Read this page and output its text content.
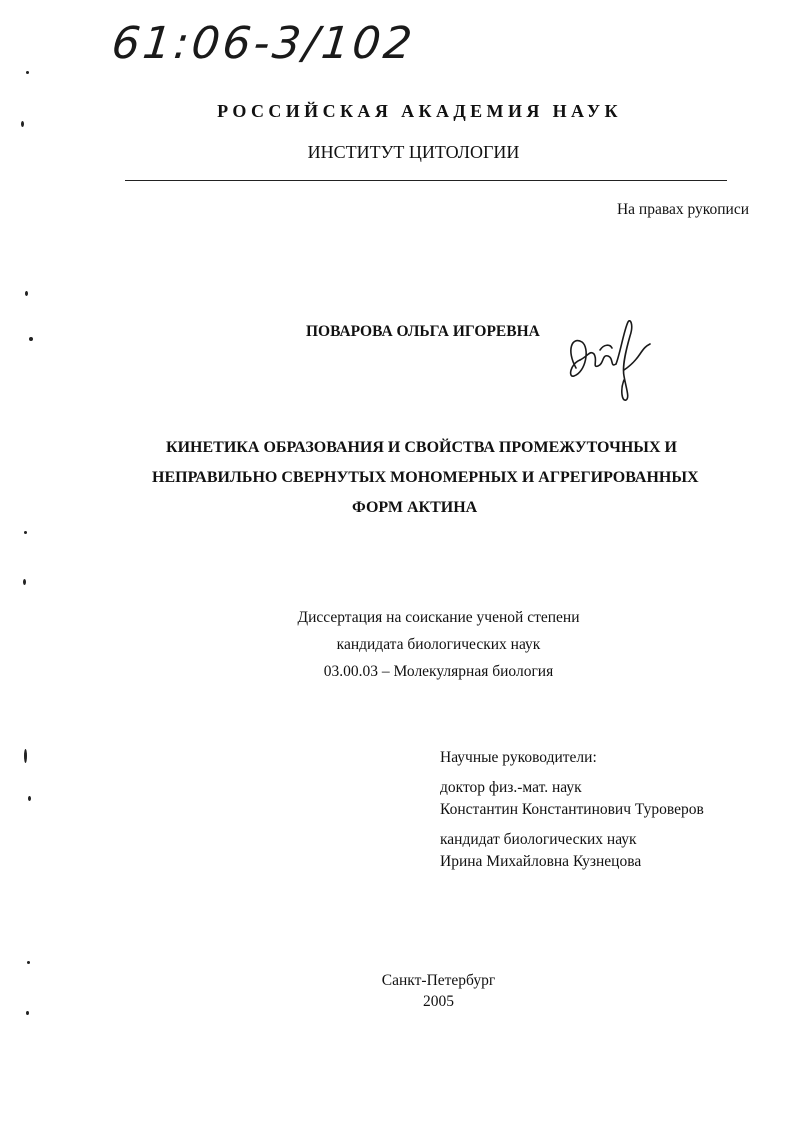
61:06-3/102
РОССИЙСКАЯ АКАДЕМИЯ НАУК
ИНСТИТУТ ЦИТОЛОГИИ
На правах рукописи
ПОВАРОВА ОЛЬГА ИГОРЕВНА
КИНЕТИКА ОБРАЗОВАНИЯ И СВОЙСТВА ПРОМЕЖУТОЧНЫХ И
НЕПРАВИЛЬНО СВЕРНУТЫХ МОНОМЕРНЫХ И АГРЕГИРОВАННЫХ
ФОРМ АКТИНА
Диссертация на соискание ученой степени
кандидата биологических наук
03.00.03 – Молекулярная биология
Научные руководители:
доктор физ.-мат. наук
Константин Константинович Туроверов
кандидат биологических наук
Ирина Михайловна Кузнецова
Санкт-Петербург
2005
